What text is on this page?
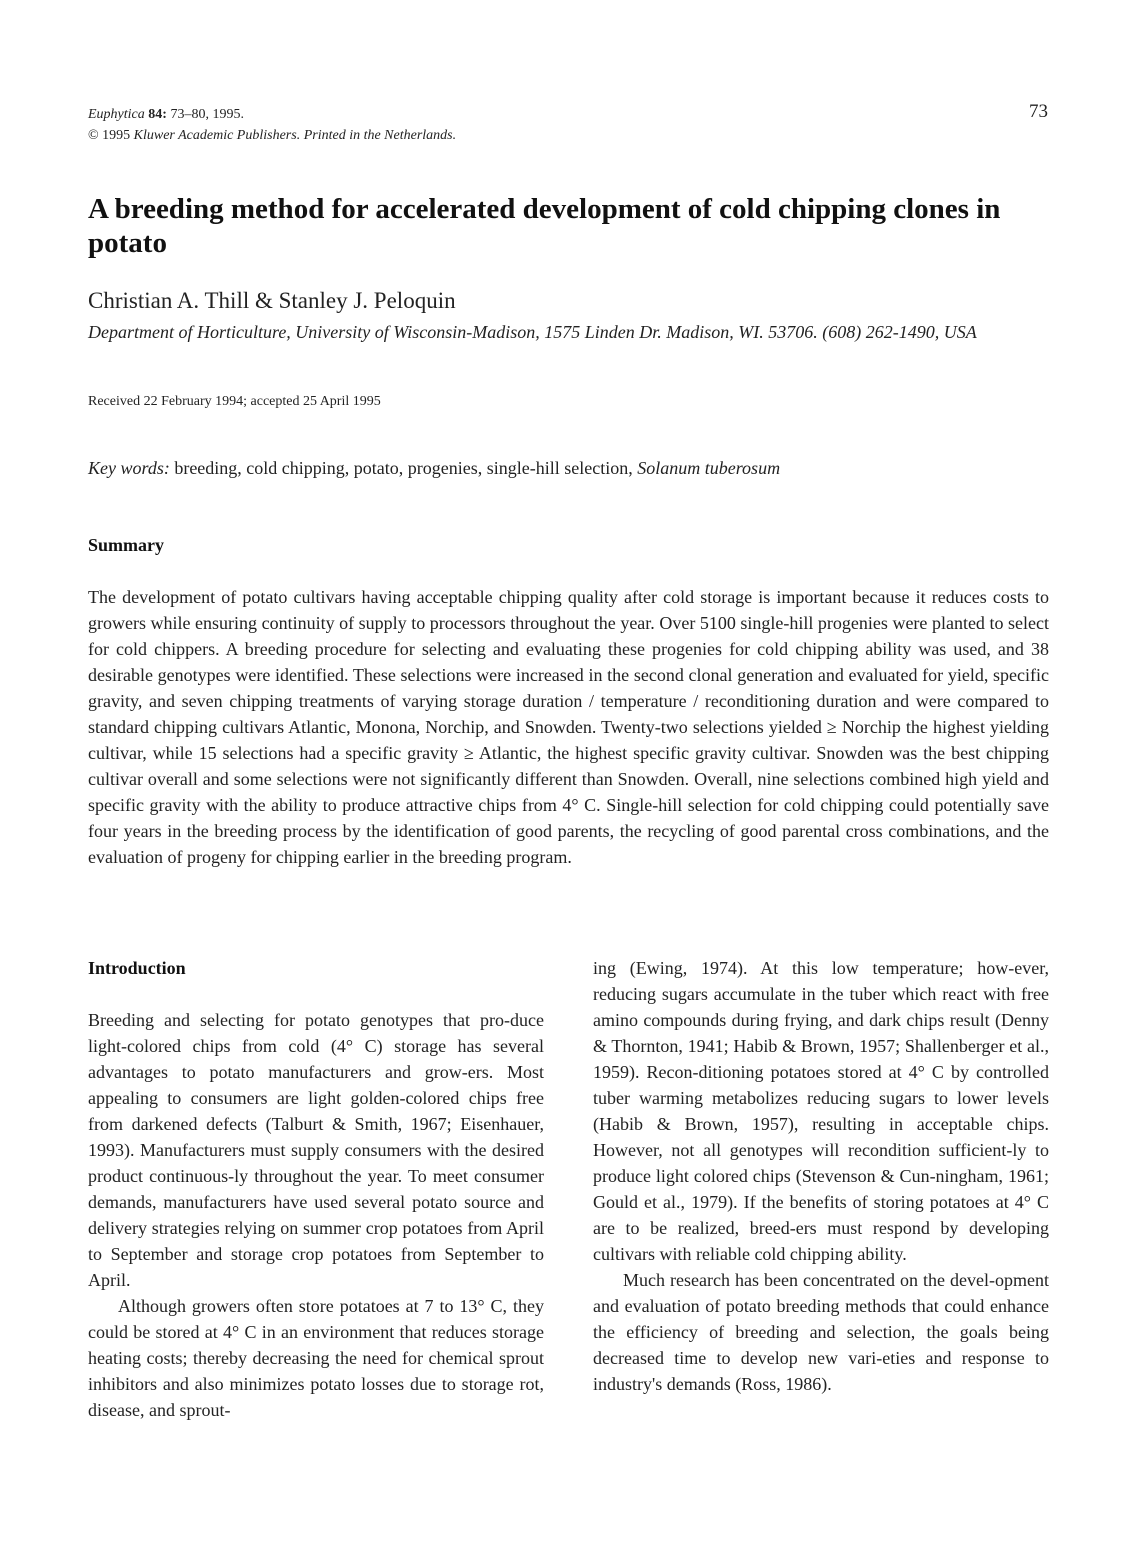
Euphytica 84: 73–80, 1995.
© 1995 Kluwer Academic Publishers. Printed in the Netherlands.
73
A breeding method for accelerated development of cold chipping clones in potato
Christian A. Thill & Stanley J. Peloquin
Department of Horticulture, University of Wisconsin-Madison, 1575 Linden Dr. Madison, WI. 53706. (608) 262-1490, USA
Received 22 February 1994; accepted 25 April 1995
Key words: breeding, cold chipping, potato, progenies, single-hill selection, Solanum tuberosum
Summary

The development of potato cultivars having acceptable chipping quality after cold storage is important because it reduces costs to growers while ensuring continuity of supply to processors throughout the year. Over 5100 single-hill progenies were planted to select for cold chippers. A breeding procedure for selecting and evaluating these progenies for cold chipping ability was used, and 38 desirable genotypes were identified. These selections were increased in the second clonal generation and evaluated for yield, specific gravity, and seven chipping treatments of varying storage duration / temperature / reconditioning duration and were compared to standard chipping cultivars Atlantic, Monona, Norchip, and Snowden. Twenty-two selections yielded ≥ Norchip the highest yielding cultivar, while 15 selections had a specific gravity ≥ Atlantic, the highest specific gravity cultivar. Snowden was the best chipping cultivar overall and some selections were not significantly different than Snowden. Overall, nine selections combined high yield and specific gravity with the ability to produce attractive chips from 4° C. Single-hill selection for cold chipping could potentially save four years in the breeding process by the identification of good parents, the recycling of good parental cross combinations, and the evaluation of progeny for chipping earlier in the breeding program.

Introduction

Breeding and selecting for potato genotypes that pro-duce light-colored chips from cold (4° C) storage has several advantages to potato manufacturers and grow-ers. Most appealing to consumers are light golden-colored chips free from darkened defects (Talburt & Smith, 1967; Eisenhauer, 1993). Manufacturers must supply consumers with the desired product continuous-ly throughout the year. To meet consumer demands, manufacturers have used several potato source and delivery strategies relying on summer crop potatoes from April to September and storage crop potatoes from September to April.

Although growers often store potatoes at 7 to 13° C, they could be stored at 4° C in an environment that reduces storage heating costs; thereby decreasing the need for chemical sprout inhibitors and also minimizes potato losses due to storage rot, disease, and sprout-

ing (Ewing, 1974). At this low temperature; how-ever, reducing sugars accumulate in the tuber which react with free amino compounds during frying, and dark chips result (Denny & Thornton, 1941; Habib & Brown, 1957; Shallenberger et al., 1959). Recon-ditioning potatoes stored at 4° C by controlled tuber warming metabolizes reducing sugars to lower levels (Habib & Brown, 1957), resulting in acceptable chips. However, not all genotypes will recondition sufficient-ly to produce light colored chips (Stevenson & Cun-ningham, 1961; Gould et al., 1979). If the benefits of storing potatoes at 4° C are to be realized, breed-ers must respond by developing cultivars with reliable cold chipping ability.

Much research has been concentrated on the devel-opment and evaluation of potato breeding methods that could enhance the efficiency of breeding and selection, the goals being decreased time to develop new vari-eties and response to industry's demands (Ross, 1986).
